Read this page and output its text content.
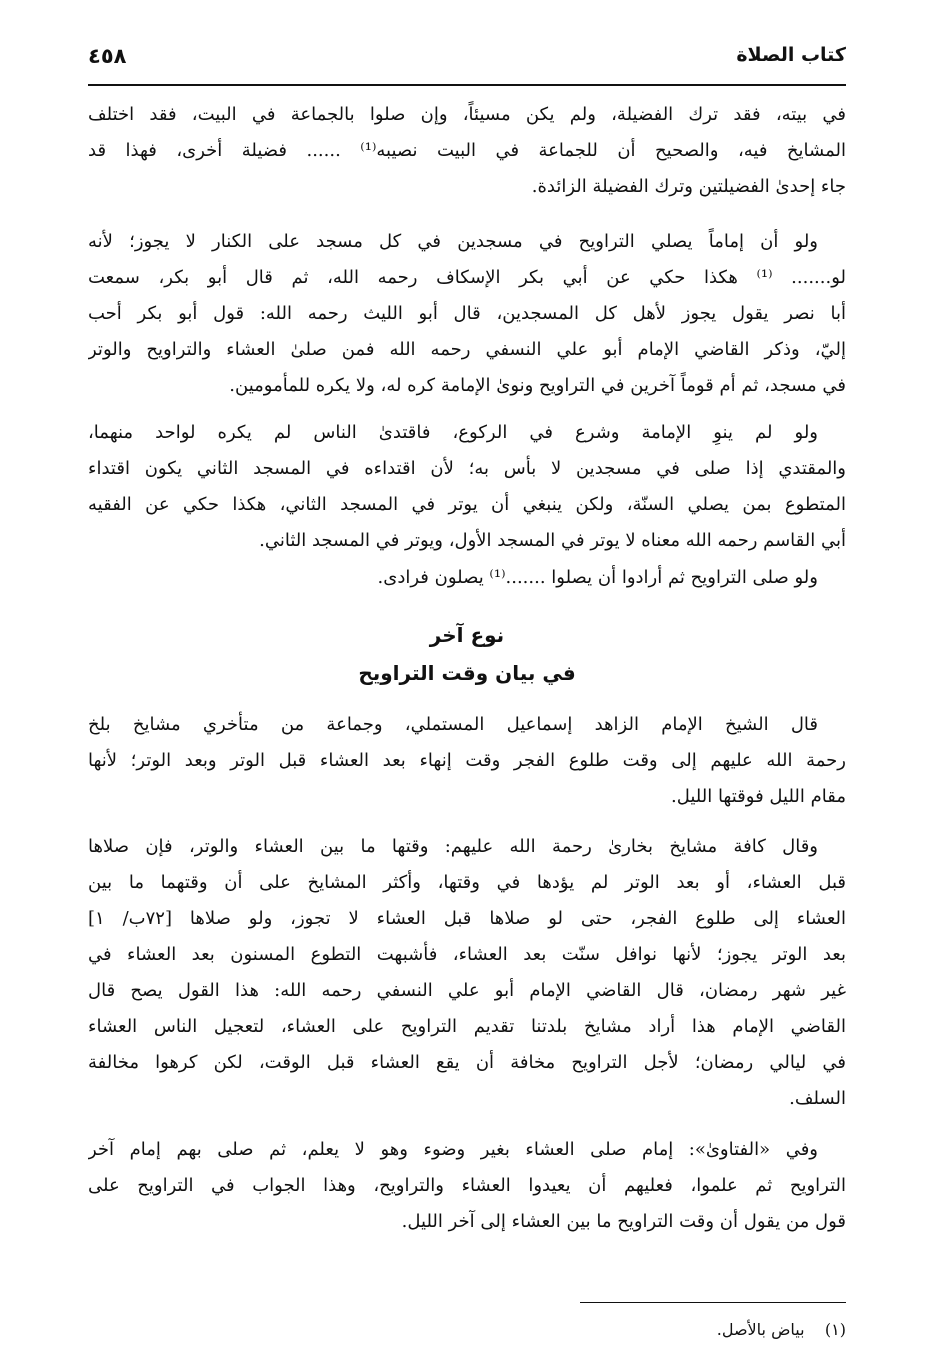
كتاب الصلاة
٤٥٨
في بيته، فقد ترك الفضيلة، ولم يكن مسيئاً، وإن صلوا بالجماعة في البيت، فقد اختلف
المشايخ فيه، والصحيح أن للجماعة في البيت نصيبه⁽¹⁾ ...... فضيلة أخرى، فهذا قد
جاء إحدىٰ الفضيلتين وترك الفضيلة الزائدة.
ولو أن إماماً يصلي التراويح في مسجدين في كل مسجد على الكنار لا يجوز؛ لأنه
لو....... ⁽¹⁾ هكذا حكي عن أبي بكر الإسكاف رحمه الله، ثم قال أبو بكر، سمعت
أبا نصر يقول يجوز لأهل كل المسجدين، قال أبو الليث رحمه الله: قول أبو بكر أحب
إليّ، وذكر القاضي الإمام أبو علي النسفي رحمه الله فمن صلىٰ العشاء والتراويح والوتر
في مسجد، ثم أم قوماً آخرين في التراويح ونوىٰ الإمامة كره له، ولا يكره للمأمومين.
ولو لم ينوِ الإمامة وشرع في الركوع، فاقتدىٰ الناس لم يكره لواحد منهما،
والمقتدي إذا صلى في مسجدين لا بأس به؛ لأن اقتداءه في المسجد الثاني يكون اقتداء
المتطوع بمن يصلي السنّة، ولكن ينبغي أن يوتر في المسجد الثاني، هكذا حكي عن الفقيه
أبي القاسم رحمه الله معناه لا يوتر في المسجد الأول، ويوتر في المسجد الثاني.
ولو صلى التراويح ثم أرادوا أن يصلوا .......⁽¹⁾ يصلون فرادى.
نوع آخر
في بيان وقت التراويح
قال الشيخ الإمام الزاهد إسماعيل المستملي، وجماعة من متأخري مشايخ بلخ
رحمة الله عليهم إلى وقت طلوع الفجر وقت إنهاء بعد العشاء قبل الوتر وبعد الوتر؛ لأنها
مقام الليل فوقتها الليل.
وقال كافة مشايخ بخارىٰ رحمة الله عليهم: وقتها ما بين العشاء والوتر، فإن صلاها
قبل العشاء، أو بعد الوتر لم يؤدها في وقتها، وأكثر المشايخ على أن وقتهما ما بين
العشاء إلى طلوع الفجر، حتى لو صلاها قبل العشاء لا تجوز، ولو صلاها [٧٢ب/ ١]
بعد الوتر يجوز؛ لأنها نوافل سنّت بعد العشاء، فأشبهت التطوع المسنون بعد العشاء في
غير شهر رمضان، قال القاضي الإمام أبو علي النسفي رحمه الله: هذا القول يصح قال
القاضي الإمام هذا أراد مشايخ بلدتنا تقديم التراويح على العشاء، لتعجيل الناس العشاء
في ليالي رمضان؛ لأجل التراويح مخافة أن يقع العشاء قبل الوقت، لكن كرهوا مخالفة
السلف.
وفي «الفتاوىٰ»: إمام صلى العشاء بغير وضوء وهو لا يعلم، ثم صلى بهم إمام آخر
التراويح ثم علموا، فعليهم أن يعيدوا العشاء والتراويح، وهذا الجواب في التراويح على
قول من يقول أن وقت التراويح ما بين العشاء إلى آخر الليل.
(١)    بياض بالأصل.
